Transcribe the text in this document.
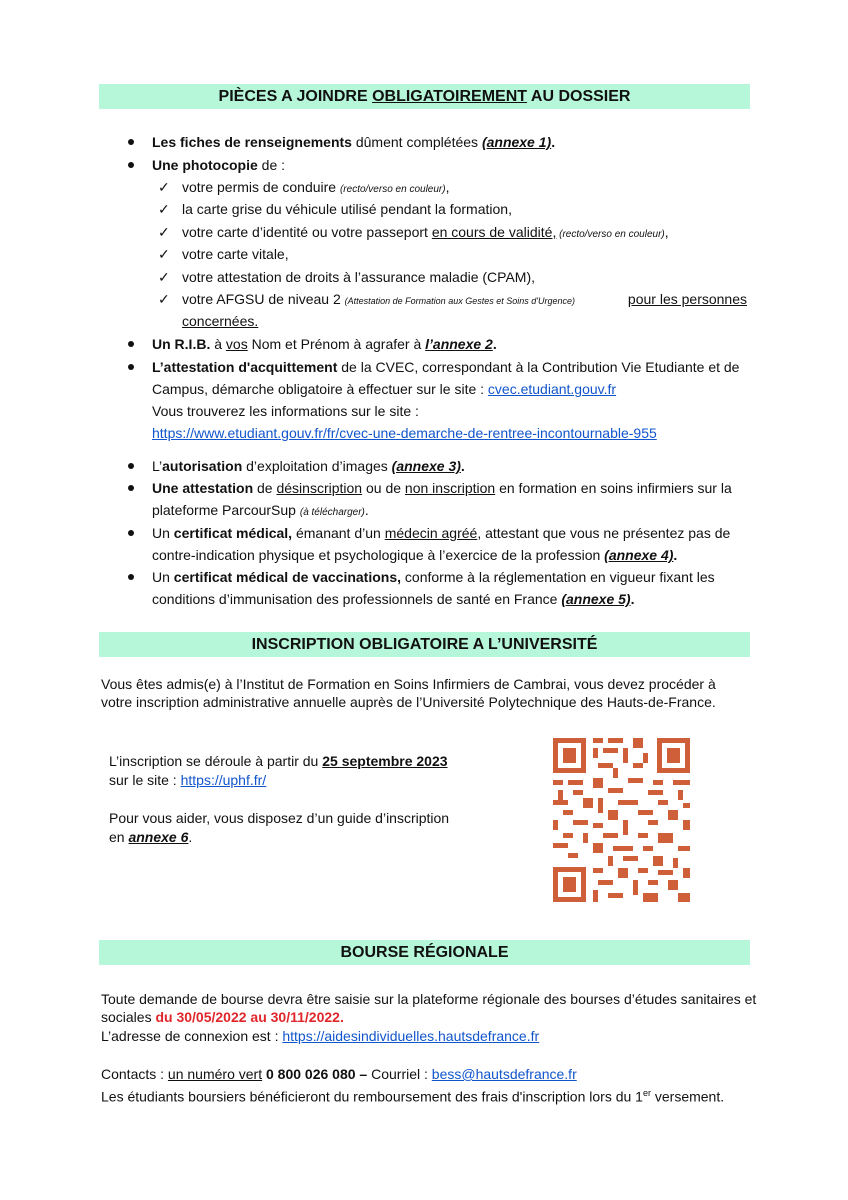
PIÈCES A JOINDRE OBLIGATOIREMENT AU DOSSIER
Les fiches de renseignements dûment complétées (annexe 1).
Une photocopie de :
✓ votre permis de conduire (recto/verso en couleur),
✓ la carte grise du véhicule utilisé pendant la formation,
✓ votre carte d’identité ou votre passeport en cours de validité, (recto/verso en couleur),
✓ votre carte vitale,
✓ votre attestation de droits à l’assurance maladie (CPAM),
✓ votre AFGSU de niveau 2 (Attestation de Formation aux Gestes et Soins d'Urgence)	pour les personnes
concernées.
Un R.I.B. à vos Nom et Prénom à agrafer à l’annexe 2.
L’attestation d'acquittement de la CVEC, correspondant à la Contribution Vie Etudiante et de
Campus, démarche obligatoire à effectuer sur le site : cvec.etudiant.gouv.fr
Vous trouverez les informations sur le site :
https://www.etudiant.gouv.fr/fr/cvec-une-demarche-de-rentree-incontournable-955
L’autorisation d’exploitation d’images (annexe 3).
Une attestation de désinscription ou de non inscription en formation en soins infirmiers sur la
plateforme ParcourSup (à télécharger).
Un certificat médical, émanant d’un médecin agréé, attestant que vous ne présentez pas de
contre-indication physique et psychologique à l’exercice de la profession (annexe 4).
Un certificat médical de vaccinations, conforme à la réglementation en vigueur fixant les
conditions d’immunisation des professionnels de santé en France (annexe 5).
INSCRIPTION OBLIGATOIRE A L’UNIVERSITÉ
Vous êtes admis(e) à l’Institut de Formation en Soins Infirmiers de Cambrai, vous devez procéder à
votre inscription administrative annuelle auprès de l’Université Polytechnique des Hauts-de-France.
L’inscription se déroule à partir du 25 septembre 2023
sur le site : https://uphf.fr/
Pour vous aider, vous disposez d’un guide d’inscription
en annexe 6.
BOURSE RÉGIONALE
Toute demande de bourse devra être saisie sur la plateforme régionale des bourses d’études sanitaires et
sociales du 30/05/2022 au 30/11/2022.
L’adresse de connexion est : https://aidesindividuelles.hautsdefrance.fr
Contacts : un numéro vert 0 800 026 080 – Courriel : bess@hautsdefrance.fr
Les étudiants boursiers bénéficieront du remboursement des frais d'inscription lors du 1er versement.
